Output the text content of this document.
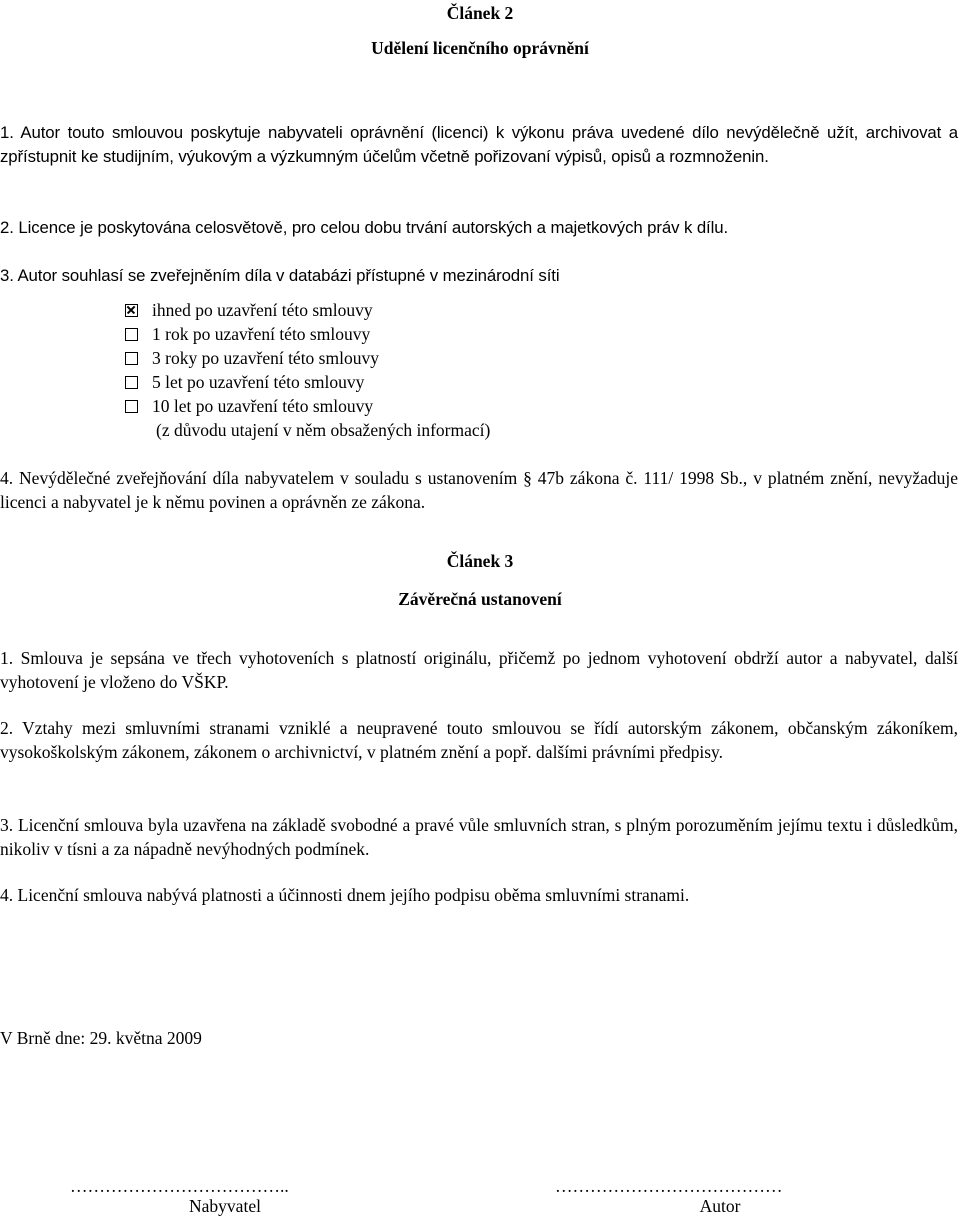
Článek 2
Udělení licenčního oprávnění

1. Autor touto smlouvou poskytuje nabyvateli oprávnění (licenci) k výkonu práva uvedené dílo nevýdělečně užít, archivovat a zpřístupnit ke studijním, výukovým a výzkumným účelům včetně pořizovaní výpisů, opisů a rozmnoženin.

2. Licence je poskytována celosvětově, pro celou dobu trvání autorských a majetkových práv k dílu.

3. Autor souhlasí se zveřejněním díla v databázi přístupné v mezinárodní síti

ihned po uzavření této smlouvy
1 rok po uzavření této smlouvy
3 roky po uzavření této smlouvy
5 let po uzavření této smlouvy
10 let po uzavření této smlouvy
(z důvodu utajení v něm obsažených informací)

4. Nevýdělečné zveřejňování díla nabyvatelem v souladu s ustanovením § 47b zákona č. 111/ 1998 Sb., v platném znění, nevyžaduje licenci a nabyvatel je k němu povinen a oprávněn ze zákona.

Článek 3
Závěrečná ustanovení

1. Smlouva je sepsána ve třech vyhotoveních s platností originálu, přičemž po jednom vyhotovení obdrží autor a nabyvatel, další vyhotovení je vloženo do VŠKP.

2. Vztahy mezi smluvními stranami vzniklé a neupravené touto smlouvou se řídí autorským zákonem, občanským zákoníkem, vysokoškolským zákonem, zákonem o archivnictví, v platném znění a popř. dalšími právními předpisy.

3. Licenční smlouva byla uzavřena na základě svobodné a pravé vůle smluvních stran, s plným porozuměním jejímu textu i důsledkům, nikoliv v tísni a za nápadně nevýhodných podmínek.

4. Licenční smlouva nabývá platnosti a účinnosti dnem jejího podpisu oběma smluvními stranami.

V Brně dne: 29. května 2009
………………………………..
Nabyvatel
…………………………………
Autor
